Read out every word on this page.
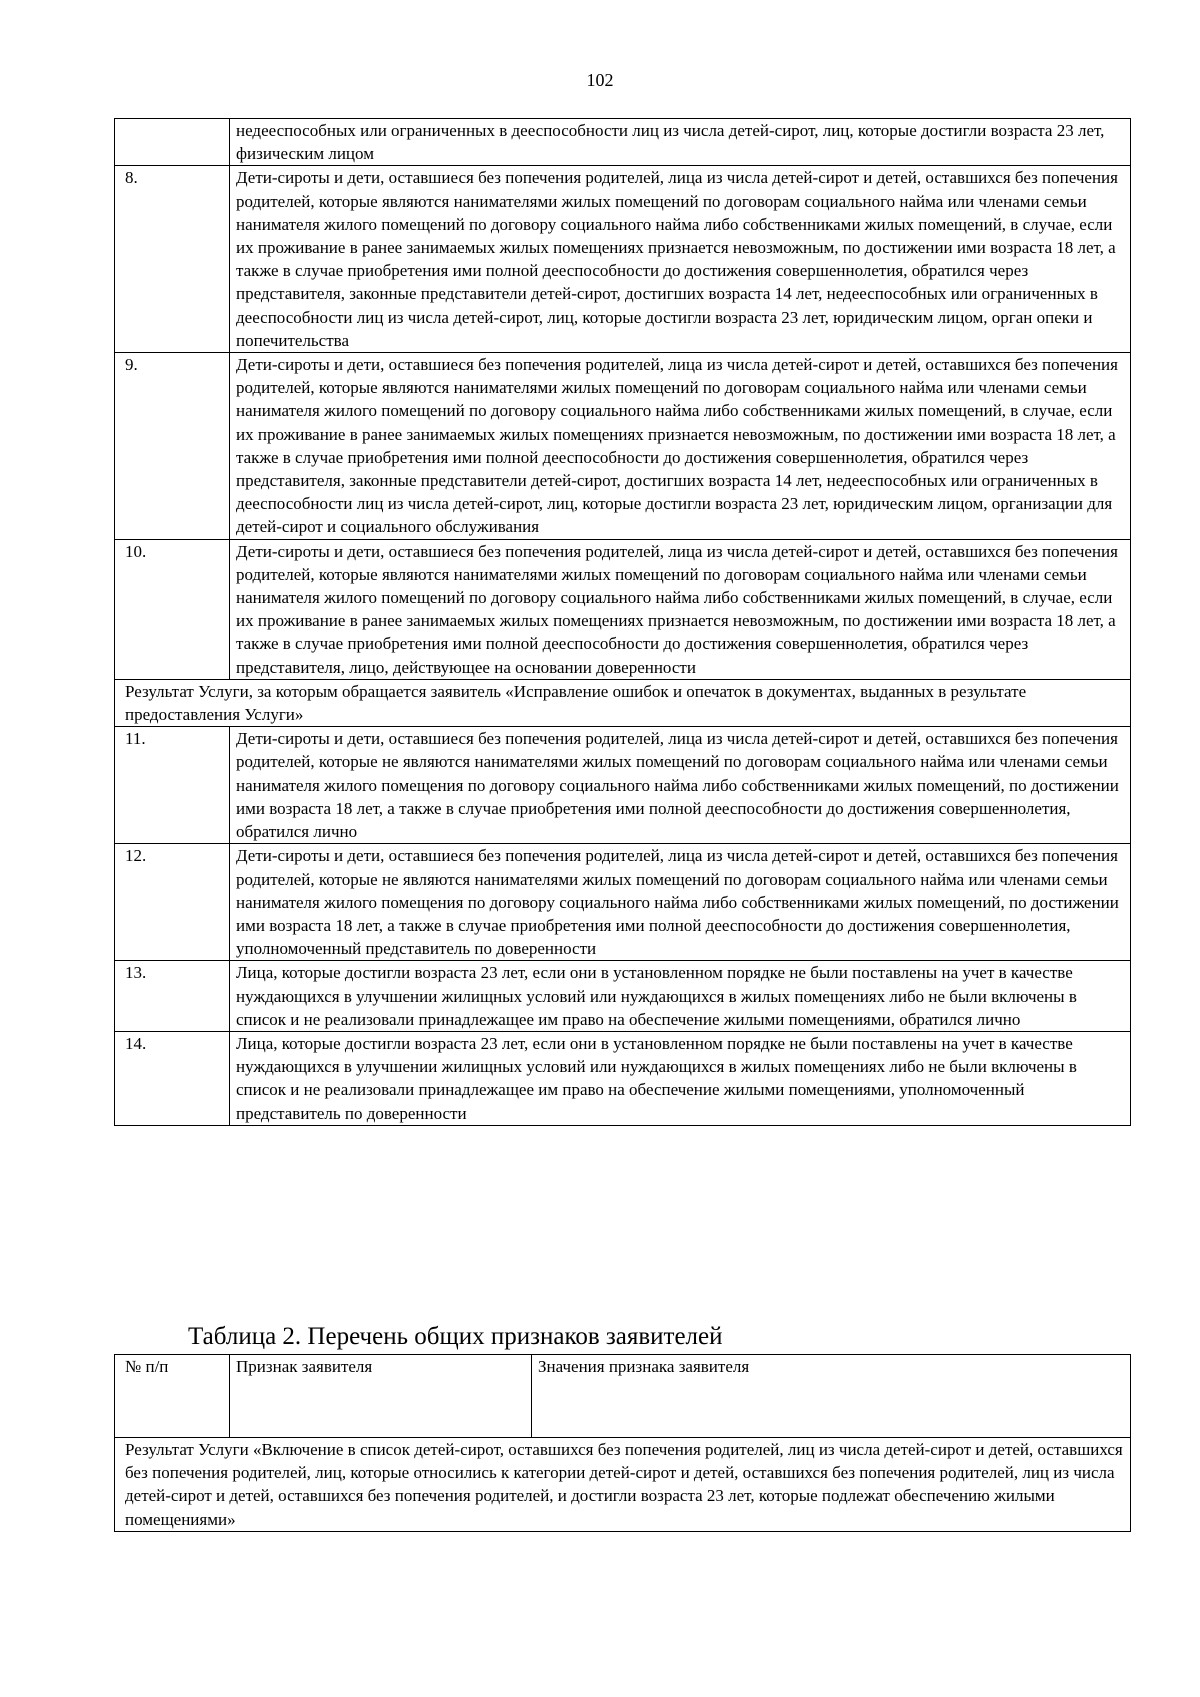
102
	недееспособных или ограниченных в дееспособности лиц из числа детей-сирот, лиц, которые достигли возраста 23 лет, физическим лицом
8.	Дети-сироты и дети, оставшиеся без попечения родителей, лица из числа детей-сирот и детей, оставшихся без попечения родителей, которые являются нанимателями жилых помещений по договорам социального найма или членами семьи нанимателя жилого помещений по договору социального найма либо собственниками жилых помещений, в случае, если их проживание в ранее занимаемых жилых помещениях признается невозможным, по достижении ими возраста 18 лет, а также в случае приобретения ими полной дееспособности до достижения совершеннолетия, обратился через представителя, законные представители детей-сирот, достигших возраста 14 лет, недееспособных или ограниченных в дееспособности лиц из числа детей-сирот, лиц, которые достигли возраста 23 лет, юридическим лицом, орган опеки и попечительства
9.	Дети-сироты и дети, оставшиеся без попечения родителей, лица из числа детей-сирот и детей, оставшихся без попечения родителей, которые являются нанимателями жилых помещений по договорам социального найма или членами семьи нанимателя жилого помещений по договору социального найма либо собственниками жилых помещений, в случае, если их проживание в ранее занимаемых жилых помещениях признается невозможным, по достижении ими возраста 18 лет, а также в случае приобретения ими полной дееспособности до достижения совершеннолетия, обратился через представителя, законные представители детей-сирот, достигших возраста 14 лет, недееспособных или ограниченных в дееспособности лиц из числа детей-сирот, лиц, которые достигли возраста 23 лет, юридическим лицом, организации для детей-сирот и социального обслуживания
10.	Дети-сироты и дети, оставшиеся без попечения родителей, лица из числа детей-сирот и детей, оставшихся без попечения родителей, которые являются нанимателями жилых помещений по договорам социального найма или членами семьи нанимателя жилого помещений по договору социального найма либо собственниками жилых помещений, в случае, если их проживание в ранее занимаемых жилых помещениях признается невозможным, по достижении ими возраста 18 лет, а также в случае приобретения ими полной дееспособности до достижения совершеннолетия, обратился через представителя, лицо, действующее на основании доверенности
Результат Услуги, за которым обращается заявитель «Исправление ошибок и опечаток в документах, выданных в результате предоставления Услуги»	
11.	Дети-сироты и дети, оставшиеся без попечения родителей, лица из числа детей-сирот и детей, оставшихся без попечения родителей, которые не являются нанимателями жилых помещений по договорам социального найма или членами семьи нанимателя жилого помещения по договору социального найма либо собственниками жилых помещений, по достижении ими возраста 18 лет, а также в случае приобретения ими полной дееспособности до достижения совершеннолетия, обратился лично
12.	Дети-сироты и дети, оставшиеся без попечения родителей, лица из числа детей-сирот и детей, оставшихся без попечения родителей, которые не являются нанимателями жилых помещений по договорам социального найма или членами семьи нанимателя жилого помещения по договору социального найма либо собственниками жилых помещений, по достижении ими возраста 18 лет, а также в случае приобретения ими полной дееспособности до достижения совершеннолетия, уполномоченный представитель по доверенности
13.	Лица, которые достигли возраста 23 лет, если они в установленном порядке не были поставлены на учет в качестве нуждающихся в улучшении жилищных условий или нуждающихся в жилых помещениях либо не были включены в список и не реализовали принадлежащее им право на обеспечение жилыми помещениями, обратился лично
14.	Лица, которые достигли возраста 23 лет, если они в установленном порядке не были поставлены на учет в качестве нуждающихся в улучшении жилищных условий или нуждающихся в жилых помещениях либо не были включены в список и не реализовали принадлежащее им право на обеспечение жилыми помещениями, уполномоченный представитель по доверенности
Таблица 2. Перечень общих признаков заявителей
№ п/п	Признак заявителя	Значения признака заявителя
Результат Услуги «Включение в список детей-сирот, оставшихся без попечения родителей, лиц из числа детей-сирот и детей, оставшихся без попечения родителей, лиц, которые относились к категории детей-сирот и детей, оставшихся без попечения родителей, лиц из числа детей-сирот и детей, оставшихся без попечения родителей, и достигли возраста 23 лет, которые подлежат обеспечению жилыми помещениями»
